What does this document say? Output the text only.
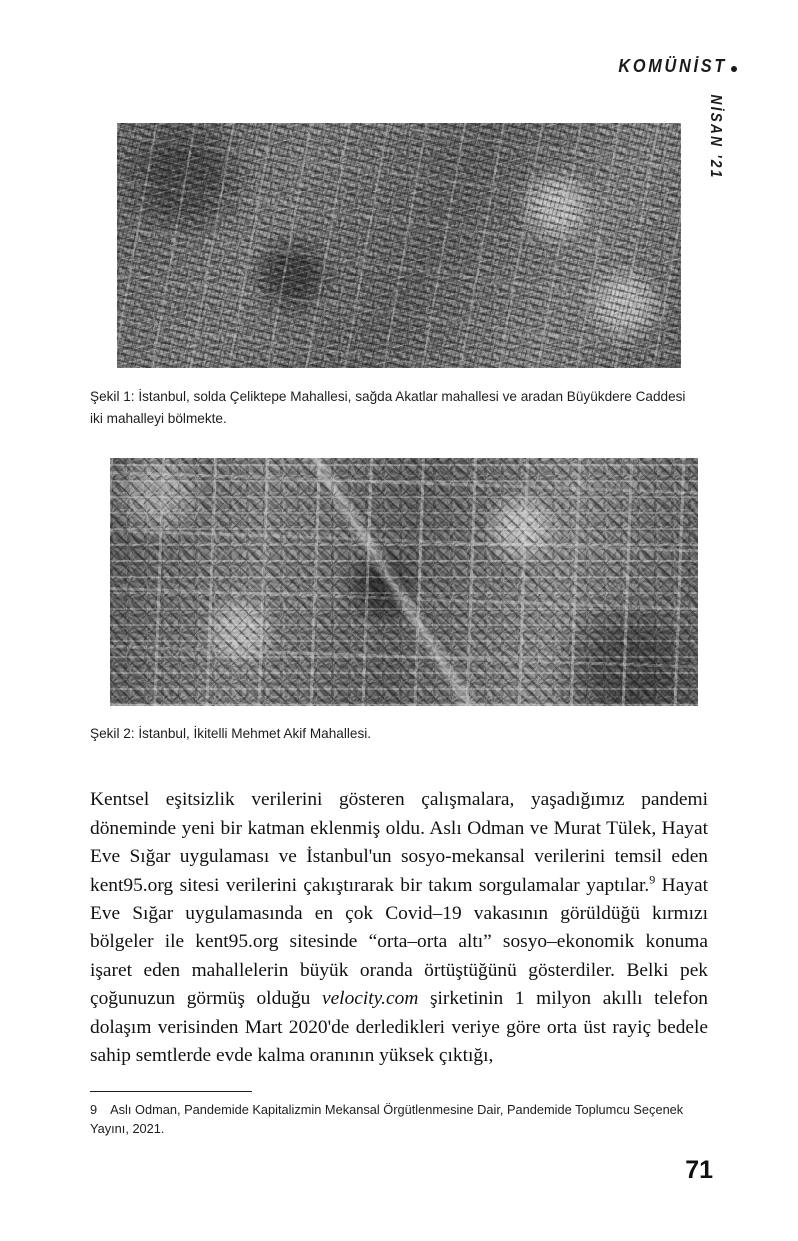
KOMÜNİST
NİSAN '21
Şekil 1: İstanbul, solda Çeliktepe Mahallesi, sağda Akatlar mahallesi ve aradan Büyükdere Caddesi iki mahalleyi bölmekte.
Şekil 2: İstanbul, İkitelli Mehmet Akif Mahallesi.

Kentsel eşitsizlik verilerini gösteren çalışmalara, yaşadığımız pandemi döneminde yeni bir katman eklenmiş oldu. Aslı Odman ve Murat Tülek, Hayat Eve Sığar uygulaması ve İstanbul'un sosyo-mekansal verilerini temsil eden kent95.org sitesi verilerini çakıştırarak bir takım sorgulamalar yaptılar.$^9$ Hayat Eve Sığar uygulamasında en çok Covid–19 vakasının görüldüğü kırmızı bölgeler ile kent95.org sitesinde “orta–orta altı” sosyo–ekonomik konuma işaret eden mahallelerin büyük oranda örtüştüğünü gösterdiler. Belki pek çoğunuzun görmüş olduğu velocity.com şirketinin 1 milyon akıllı telefon dolaşım verisinden Mart 2020'de derledikleri veriye göre orta üst rayiç bedele sahip semtlerde evde kalma oranının yüksek çıktığı,

9 Aslı Odman, Pandemide Kapitalizmin Mekansal Örgütlenmesine Dair, Pandemide Toplumcu Seçenek Yayını, 2021.
71
